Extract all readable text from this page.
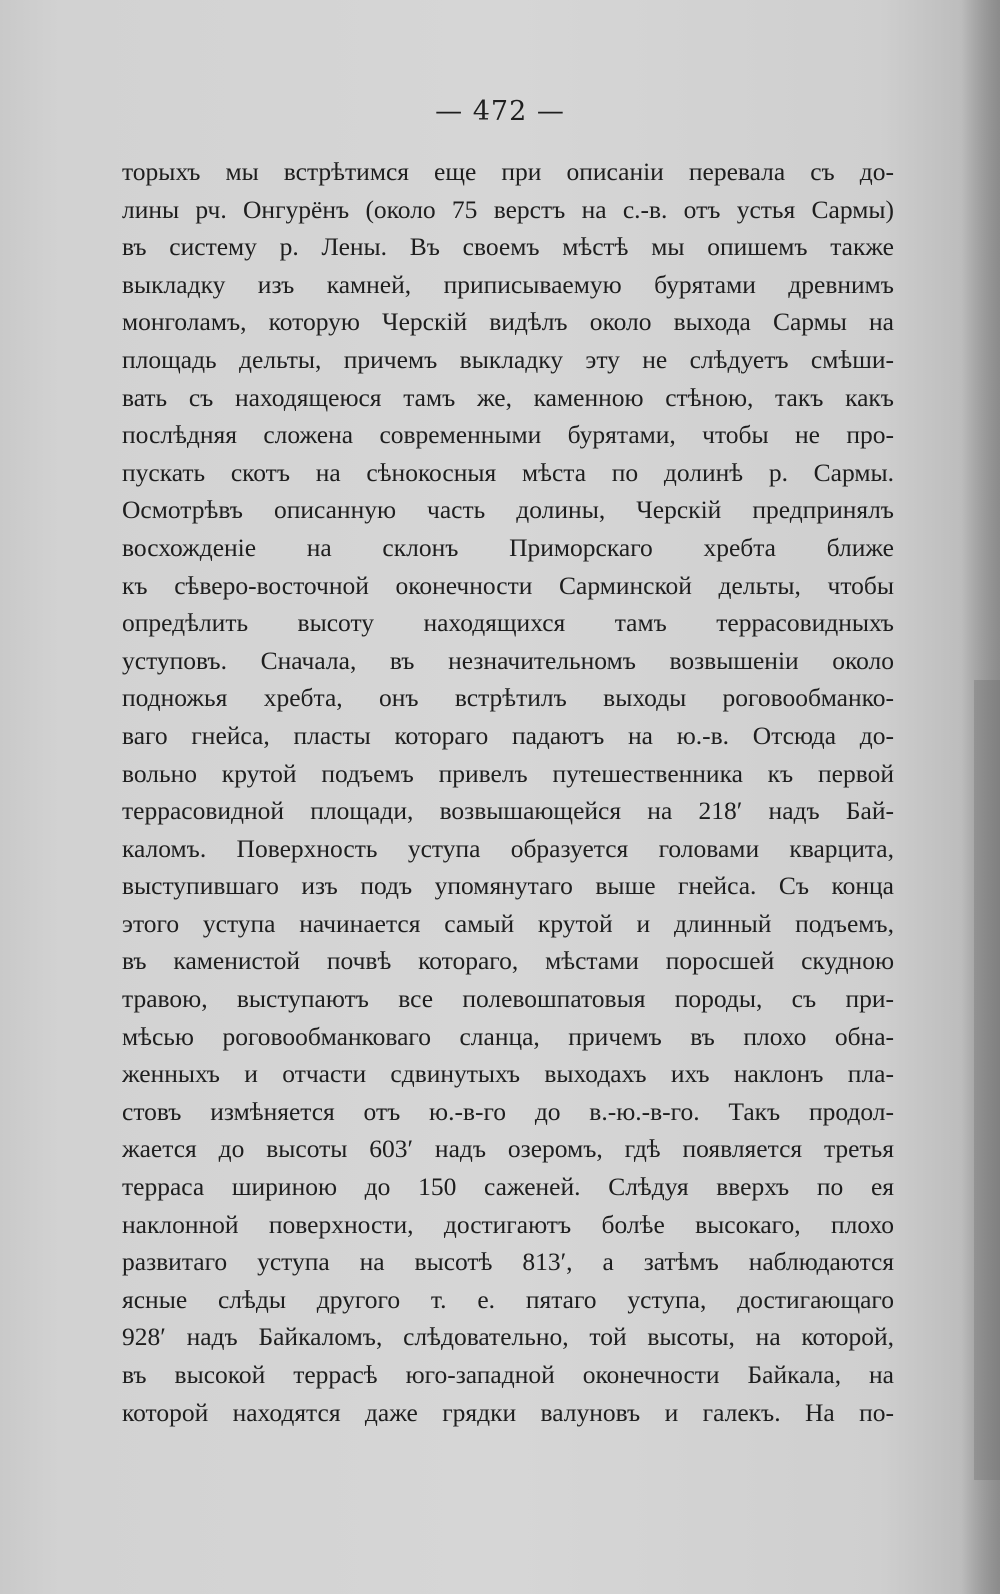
— 472 —
торыхъ мы встрѣтимся еще при описаніи перевала съ до-
лины рч. Онгурёнъ (около 75 верстъ на с.-в. отъ устья Сармы)
въ систему р. Лены. Въ своемъ мѣстѣ мы опишемъ также
выкладку изъ камней, приписываемую бурятами древнимъ
монголамъ, которую Черскій видѣлъ около выхода Сармы на
площадь дельты, причемъ выкладку эту не слѣдуетъ смѣши-
вать съ находящеюся тамъ же, каменною стѣною, такъ какъ
послѣдняя сложена современными бурятами, чтобы не про-
пускать скотъ на сѣнокосныя мѣста по долинѣ р. Сармы.
Осмотрѣвъ описанную часть долины, Черскій предпринялъ
восхожденіе на склонъ Приморскаго хребта ближе
къ сѣверо-восточной оконечности Сарминской дельты, чтобы
опредѣлить высоту находящихся тамъ террасовидныхъ
уступовъ. Сначала, въ незначительномъ возвышеніи около
подножья хребта, онъ встрѣтилъ выходы роговообманко-
ваго гнейса, пласты котораго падаютъ на ю.-в. Отсюда до-
вольно крутой подъемъ привелъ путешественника къ первой
террасовидной площади, возвышающейся на 218′ надъ Бай-
каломъ. Поверхность уступа образуется головами кварцита,
выступившаго изъ подъ упомянутаго выше гнейса. Съ конца
этого уступа начинается самый крутой и длинный подъемъ,
въ каменистой почвѣ котораго, мѣстами поросшей скудною
травою, выступаютъ все полевошпатовыя породы, съ при-
мѣсью роговообманковаго сланца, причемъ въ плохо обна-
женныхъ и отчасти сдвинутыхъ выходахъ ихъ наклонъ пла-
стовъ измѣняется отъ ю.-в-го до в.-ю.-в-го. Такъ продол-
жается до высоты 603′ надъ озеромъ, гдѣ появляется третья
терраса шириною до 150 саженей. Слѣдуя вверхъ по ея
наклонной поверхности, достигаютъ болѣе высокаго, плохо
развитаго уступа на высотѣ 813′, а затѣмъ наблюдаются
ясные слѣды другого т. е. пятаго уступа, достигающаго
928′ надъ Байкаломъ, слѣдовательно, той высоты, на которой,
въ высокой террасѣ юго-западной оконечности Байкала, на
которой находятся даже грядки валуновъ и галекъ. На по-
